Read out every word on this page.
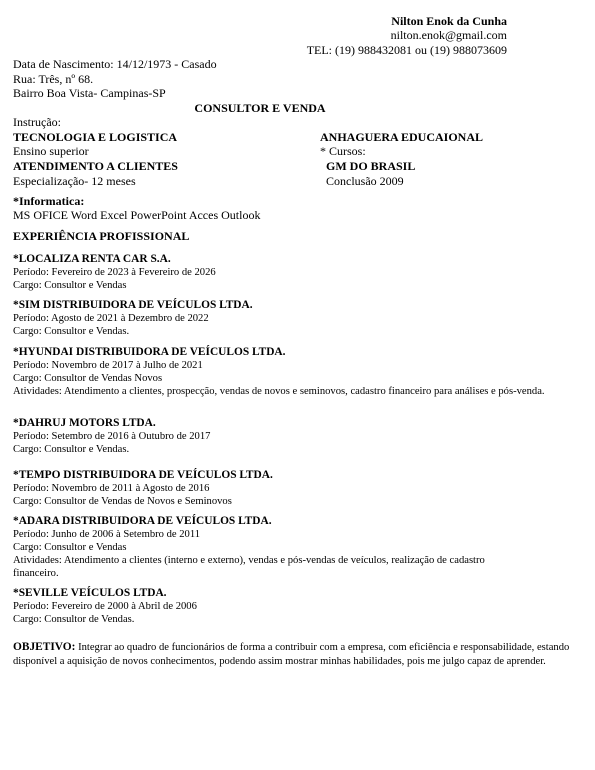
Nilton Enok da Cunha
nilton.enok@gmail.com
TEL: (19) 988432081 ou (19) 988073609
Data de Nascimento: 14/12/1973 - Casado
Rua: Três, nº 68.
Bairro Boa Vista- Campinas-SP
CONSULTOR E VENDA
Instrução:
TECNOLOGIA E LOGISTICA
Ensino superior
ATENDIMENTO A CLIENTES
Especialização- 12 meses
ANHAGUERA EDUCAIONAL
* Cursos:
GM DO BRASIL
Conclusão 2009
*Informatica:
MS OFICE Word Excel PowerPoint Acces Outlook
EXPERIÊNCIA PROFISSIONAL
*LOCALIZA RENTA CAR S.A.
Período: Fevereiro de 2023 à Fevereiro de 2026
Cargo: Consultor e Vendas
*SIM DISTRIBUIDORA DE VEÍCULOS LTDA.
Período: Agosto de 2021 à Dezembro de 2022
Cargo: Consultor e Vendas.
*HYUNDAI DISTRIBUIDORA DE VEÍCULOS LTDA.
Período: Novembro de 2017 à Julho de 2021
Cargo: Consultor de Vendas Novos
Atividades: Atendimento a clientes, prospecção, vendas de novos e seminovos, cadastro financeiro para análises e pós-venda.
*DAHRUJ MOTORS LTDA.
Período: Setembro de 2016 à Outubro de 2017
Cargo: Consultor e Vendas.
*TEMPO DISTRIBUIDORA DE VEÍCULOS LTDA.
Período: Novembro de 2011 à Agosto de 2016
Cargo: Consultor de Vendas de Novos e Seminovos
*ADARA DISTRIBUIDORA DE VEÍCULOS LTDA.
Período: Junho de 2006 à Setembro de 2011
Cargo: Consultor e Vendas
Atividades: Atendimento a clientes (interno e externo), vendas e pós-vendas de veículos, realização de cadastro financeiro.
*SEVILLE VEÍCULOS LTDA.
Período: Fevereiro de 2000 à Abril de 2006
Cargo: Consultor de Vendas.
OBJETIVO: Integrar ao quadro de funcionários de forma a contribuir com a empresa, com eficiência e responsabilidade, estando disponível a aquisição de novos conhecimentos, podendo assim mostrar minhas habilidades, pois me julgo capaz de aprender.
